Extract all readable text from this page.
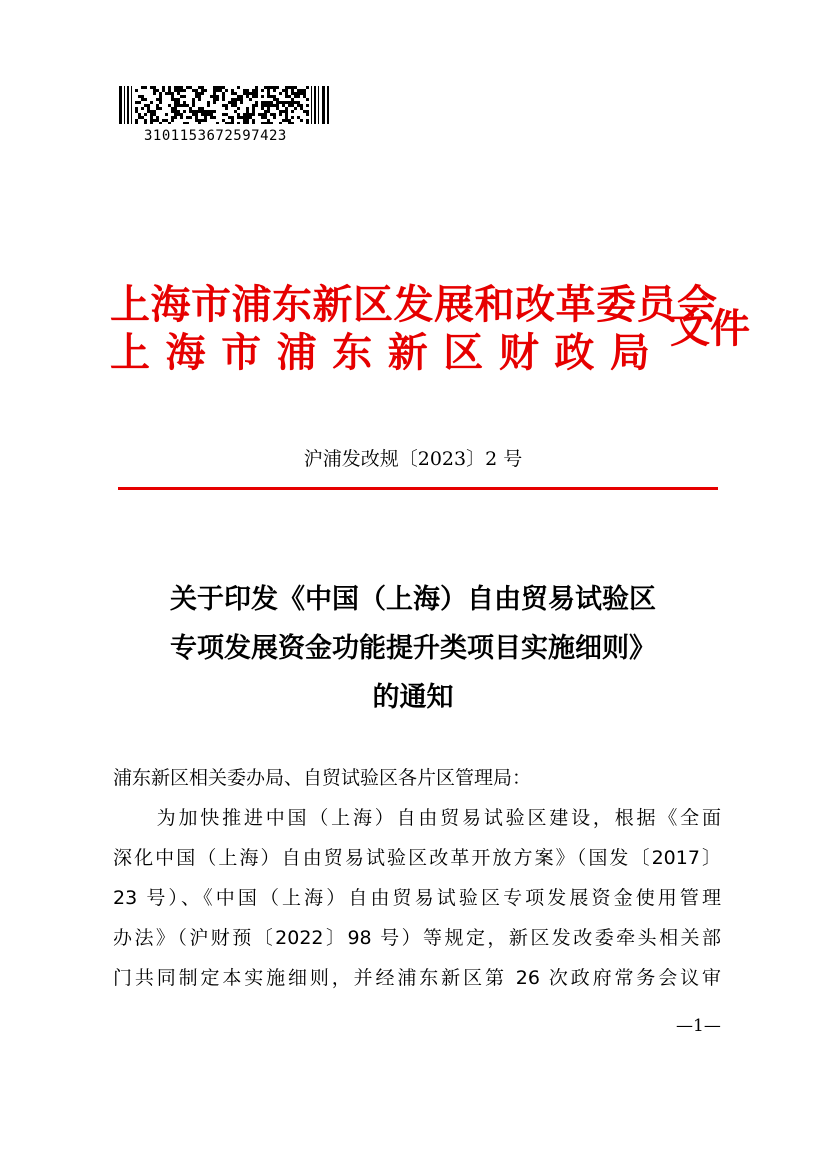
3101153672597423
上海市浦东新区发展和改革委员会
上 海 市 浦 东 新 区 财 政 局
文件
沪浦发改规〔2023〕2 号
关于印发《中国（上海）自由贸易试验区
专项发展资金功能提升类项目实施细则》
的通知
浦东新区相关委办局、自贸试验区各片区管理局：
　　为加快推进中国（上海）自由贸易试验区建设，根据《全面
深化中国（上海）自由贸易试验区改革开放方案》（国发〔2017〕
23 号）、《中国（上海）自由贸易试验区专项发展资金使用管理
办法》（沪财预〔2022〕98 号）等规定，新区发改委牵头相关部
门共同制定本实施细则，并经浦东新区第 26 次政府常务会议审
—1—
